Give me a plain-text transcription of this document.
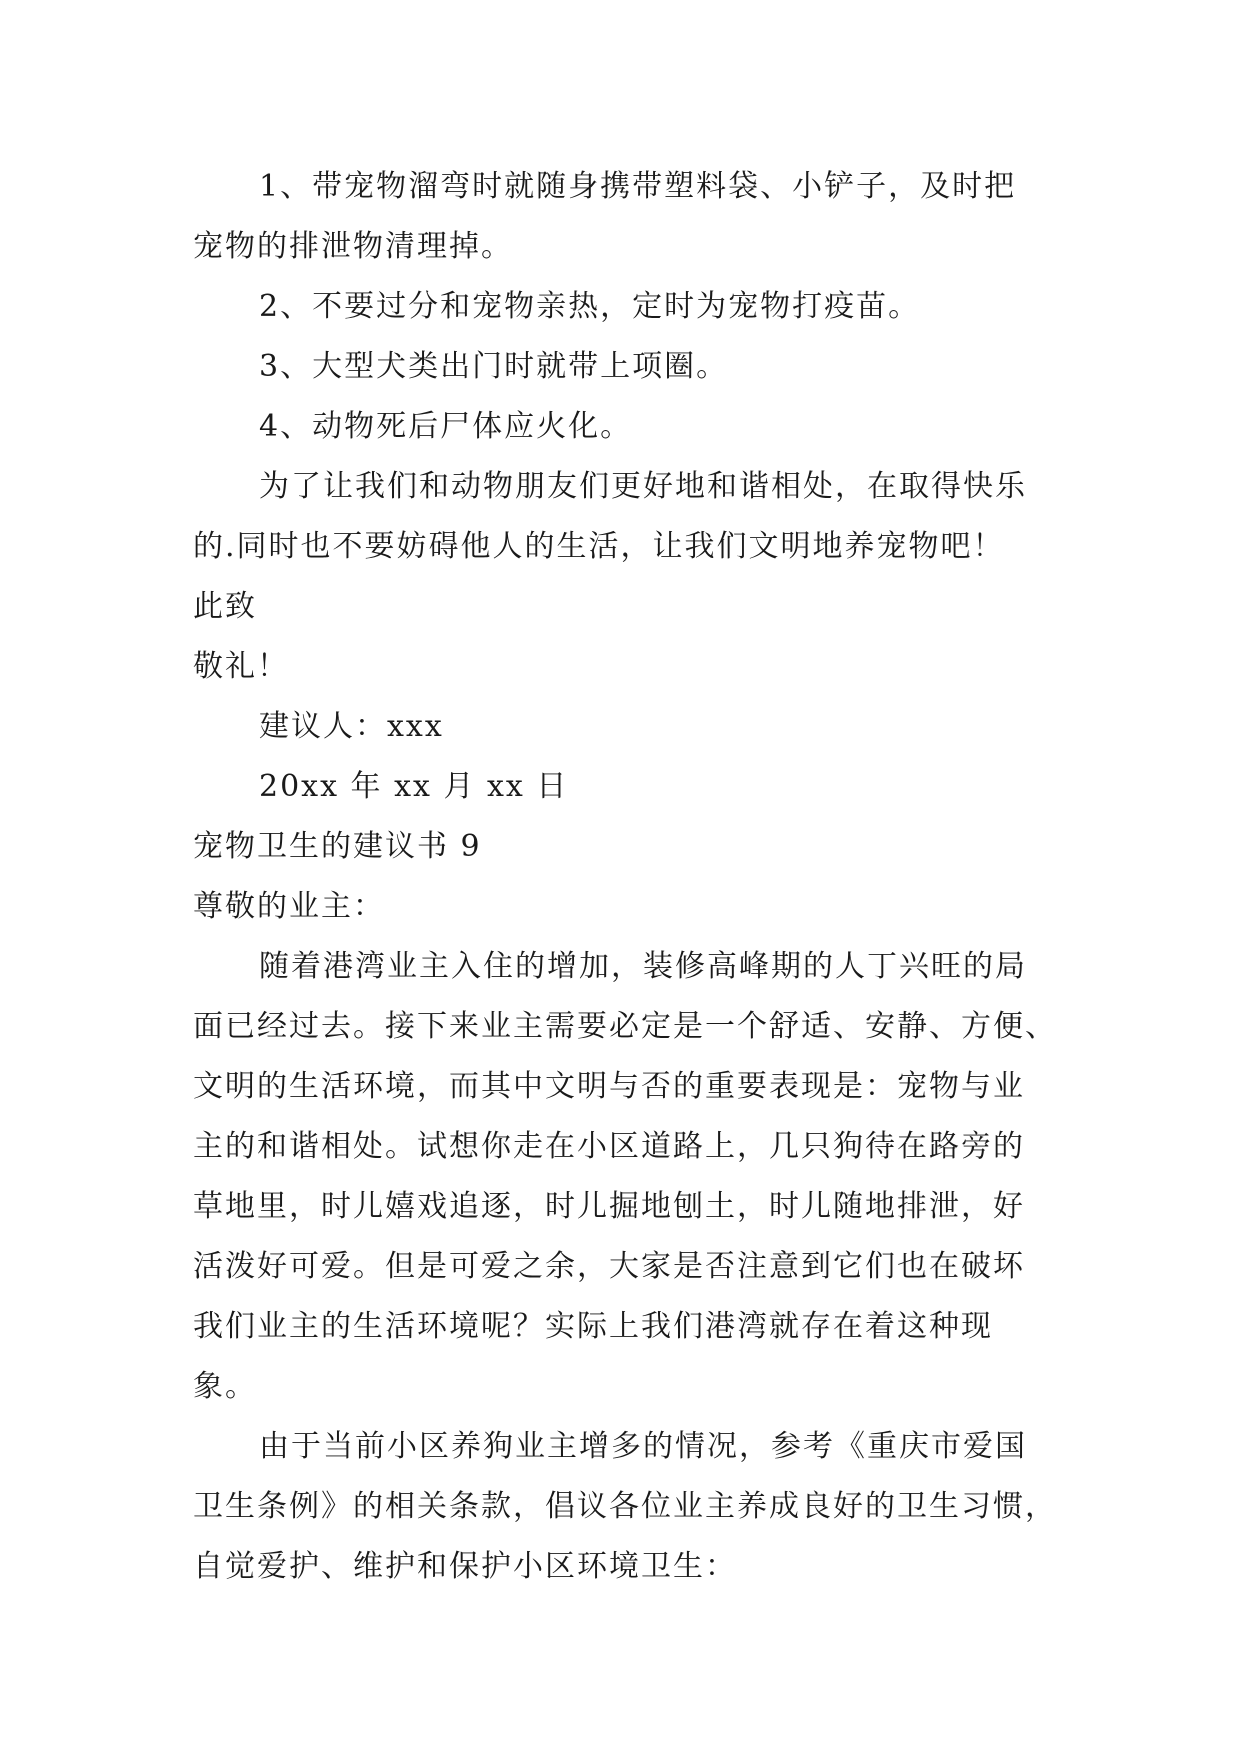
1、带宠物溜弯时就随身携带塑料袋、小铲子，及时把
宠物的排泄物清理掉。
2、不要过分和宠物亲热，定时为宠物打疫苗。
3、大型犬类出门时就带上项圈。
4、动物死后尸体应火化。
为了让我们和动物朋友们更好地和谐相处，在取得快乐
的.同时也不要妨碍他人的生活，让我们文明地养宠物吧！
此致
敬礼！
建议人：xxx
20xx 年 xx 月 xx 日
宠物卫生的建议书 9
尊敬的业主：
随着港湾业主入住的增加，装修高峰期的人丁兴旺的局
面已经过去。接下来业主需要必定是一个舒适、安静、方便、
文明的生活环境，而其中文明与否的重要表现是：宠物与业
主的和谐相处。试想你走在小区道路上，几只狗待在路旁的
草地里，时儿嬉戏追逐，时儿掘地刨土，时儿随地排泄，好
活泼好可爱。但是可爱之余，大家是否注意到它们也在破坏
我们业主的生活环境呢？实际上我们港湾就存在着这种现
象。
由于当前小区养狗业主增多的情况，参考《重庆市爱国
卫生条例》的相关条款，倡议各位业主养成良好的卫生习惯，
自觉爱护、维护和保护小区环境卫生：
